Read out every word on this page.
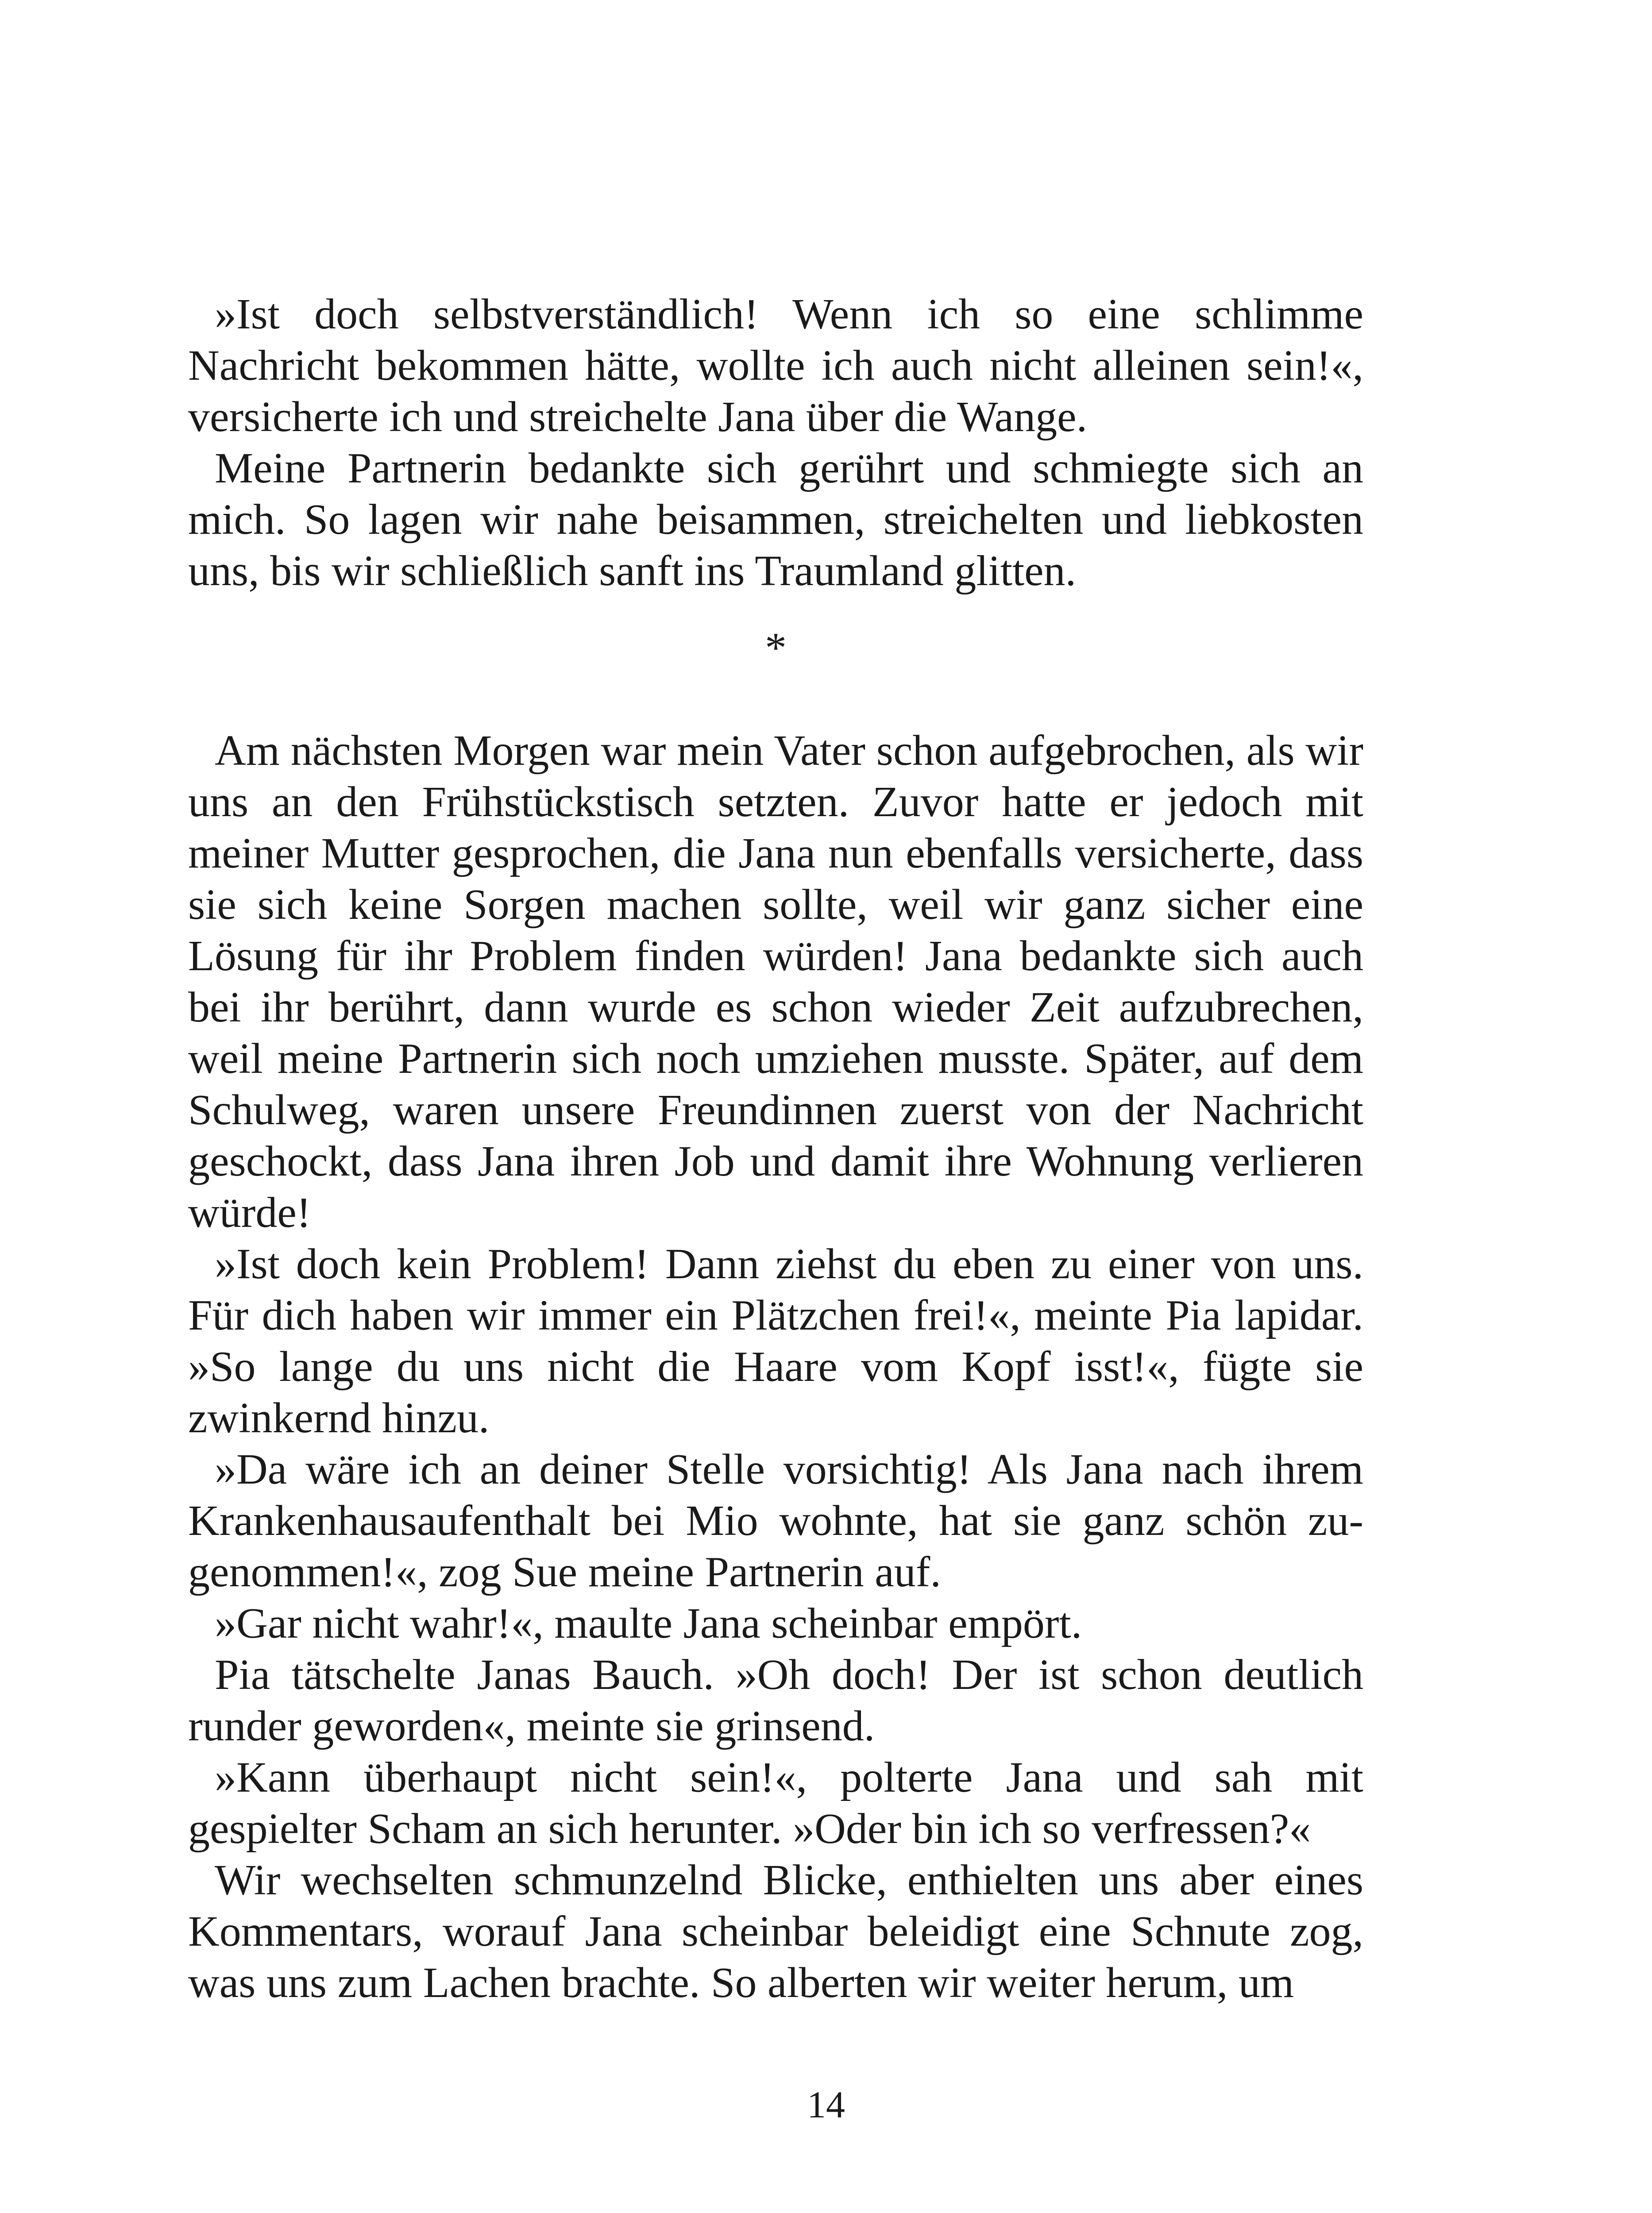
»Ist doch selbstverständlich! Wenn ich so eine schlimme Nachricht bekommen hätte, wollte ich auch nicht alleinen sein!«, versicherte ich und streichelte Jana über die Wange.

Meine Partnerin bedankte sich gerührt und schmiegte sich an mich. So lagen wir nahe beisammen, streichelten und liebkosten uns, bis wir schließlich sanft ins Traumland glitten.

*

Am nächsten Morgen war mein Vater schon aufgebrochen, als wir uns an den Frühstückstisch setzten. Zuvor hatte er jedoch mit meiner Mutter gesprochen, die Jana nun ebenfalls versicherte, dass sie sich keine Sorgen machen sollte, weil wir ganz sicher eine Lösung für ihr Problem finden würden! Jana bedankte sich auch bei ihr berührt, dann wurde es schon wieder Zeit aufzubrechen, weil meine Partnerin sich noch umziehen musste. Später, auf dem Schulweg, waren unsere Freundinnen zuerst von der Nachricht geschockt, dass Jana ihren Job und damit ihre Wohnung verlieren würde!

»Ist doch kein Problem! Dann ziehst du eben zu einer von uns. Für dich haben wir immer ein Plätzchen frei!«, meinte Pia lapidar. »So lange du uns nicht die Haare vom Kopf isst!«, fügte sie zwinkernd hinzu.

»Da wäre ich an deiner Stelle vorsichtig! Als Jana nach ihrem Krankenhausaufenthalt bei Mio wohnte, hat sie ganz schön zugenommen!«, zog Sue meine Partnerin auf.

»Gar nicht wahr!«, maulte Jana scheinbar empört.

Pia tätschelte Janas Bauch. »Oh doch! Der ist schon deutlich runder geworden«, meinte sie grinsend.

»Kann überhaupt nicht sein!«, polterte Jana und sah mit gespielter Scham an sich herunter. »Oder bin ich so verfressen?«

Wir wechselten schmunzelnd Blicke, enthielten uns aber eines Kommentars, worauf Jana scheinbar beleidigt eine Schnute zog, was uns zum Lachen brachte. So alberten wir weiter herum, um

14
